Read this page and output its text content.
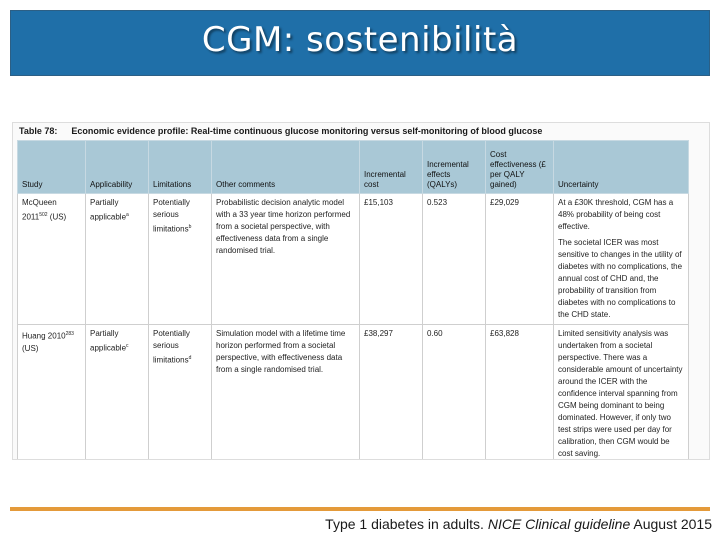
CGM: sostenibilità
Table 78: Economic evidence profile: Real-time continuous glucose monitoring versus self-monitoring of blood glucose
Study	Applicability	Limitations	Other comments	Incremental cost	Incremental effects (QALYs)	Cost effectiveness (£ per QALY gained)	Uncertainty
McQueen 2011$^{502}$ (US)	Partially applicable$^a$	Potentially serious limitations$^b$	Probabilistic decision analytic model with a 33 year time horizon performed from a societal perspective, with effectiveness data from a single randomised trial.	£15,103	0.523	£29,029	At a £30K threshold, CGM has a 48% probability of being cost effective.
The societal ICER was most sensitive to changes in the utility of diabetes with no complications, the annual cost of CHD and, the probability of transition from diabetes with no complications to the CHD state.

Huang 2010$^{283}$ (US)	Partially applicable$^c$	Potentially serious limitations$^d$	Simulation model with a lifetime time horizon performed from a societal perspective, with effectiveness data from a single randomised trial.	£38,297	0.60	£63,828	Limited sensitivity analysis was undertaken from a societal perspective. There was a considerable amount of uncertainty around the ICER with the confidence interval spanning from CGM being dominant to being dominated. However, if only two test strips were used per day for calibration, then CGM would be cost saving.
Type 1 diabetes in adults. NICE Clinical guideline August 2015
